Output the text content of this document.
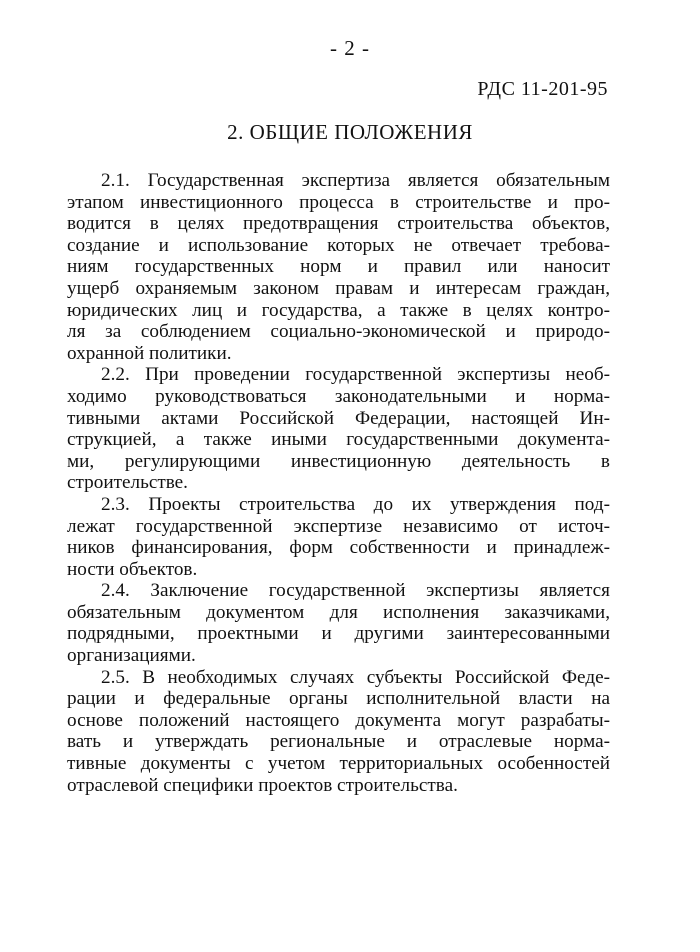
- 2 -
РДС 11-201-95
2. ОБЩИЕ ПОЛОЖЕНИЯ

2.1. Государственная экспертиза является обязательным
этапом инвестиционного процесса в строительстве и про-
водится в целях предотвращения строительства объектов,
создание и использование которых не отвечает требова-
ниям государственных норм и правил или наносит
ущерб охраняемым законом правам и интересам граждан,
юридических лиц и государства, а также в целях контро-
ля за соблюдением социально-экономической и природо-
охранной политики.

2.2. При проведении государственной экспертизы необ-
ходимо руководствоваться законодательными и норма-
тивными актами Российской Федерации, настоящей Ин-
струкцией, а также иными государственными документа-
ми, регулирующими инвестиционную деятельность в
строительстве.

2.3. Проекты строительства до их утверждения под-
лежат государственной экспертизе независимо от источ-
ников финансирования, форм собственности и принадлеж-
ности объектов.

2.4. Заключение государственной экспертизы является
обязательным документом для исполнения заказчиками,
подрядными, проектными и другими заинтересованными
организациями.

2.5. В необходимых случаях субъекты Российской Феде-
рации и федеральные органы исполнительной власти на
основе положений настоящего документа могут разрабаты-
вать и утверждать региональные и отраслевые норма-
тивные документы с учетом территориальных особенностей
отраслевой специфики проектов строительства.
